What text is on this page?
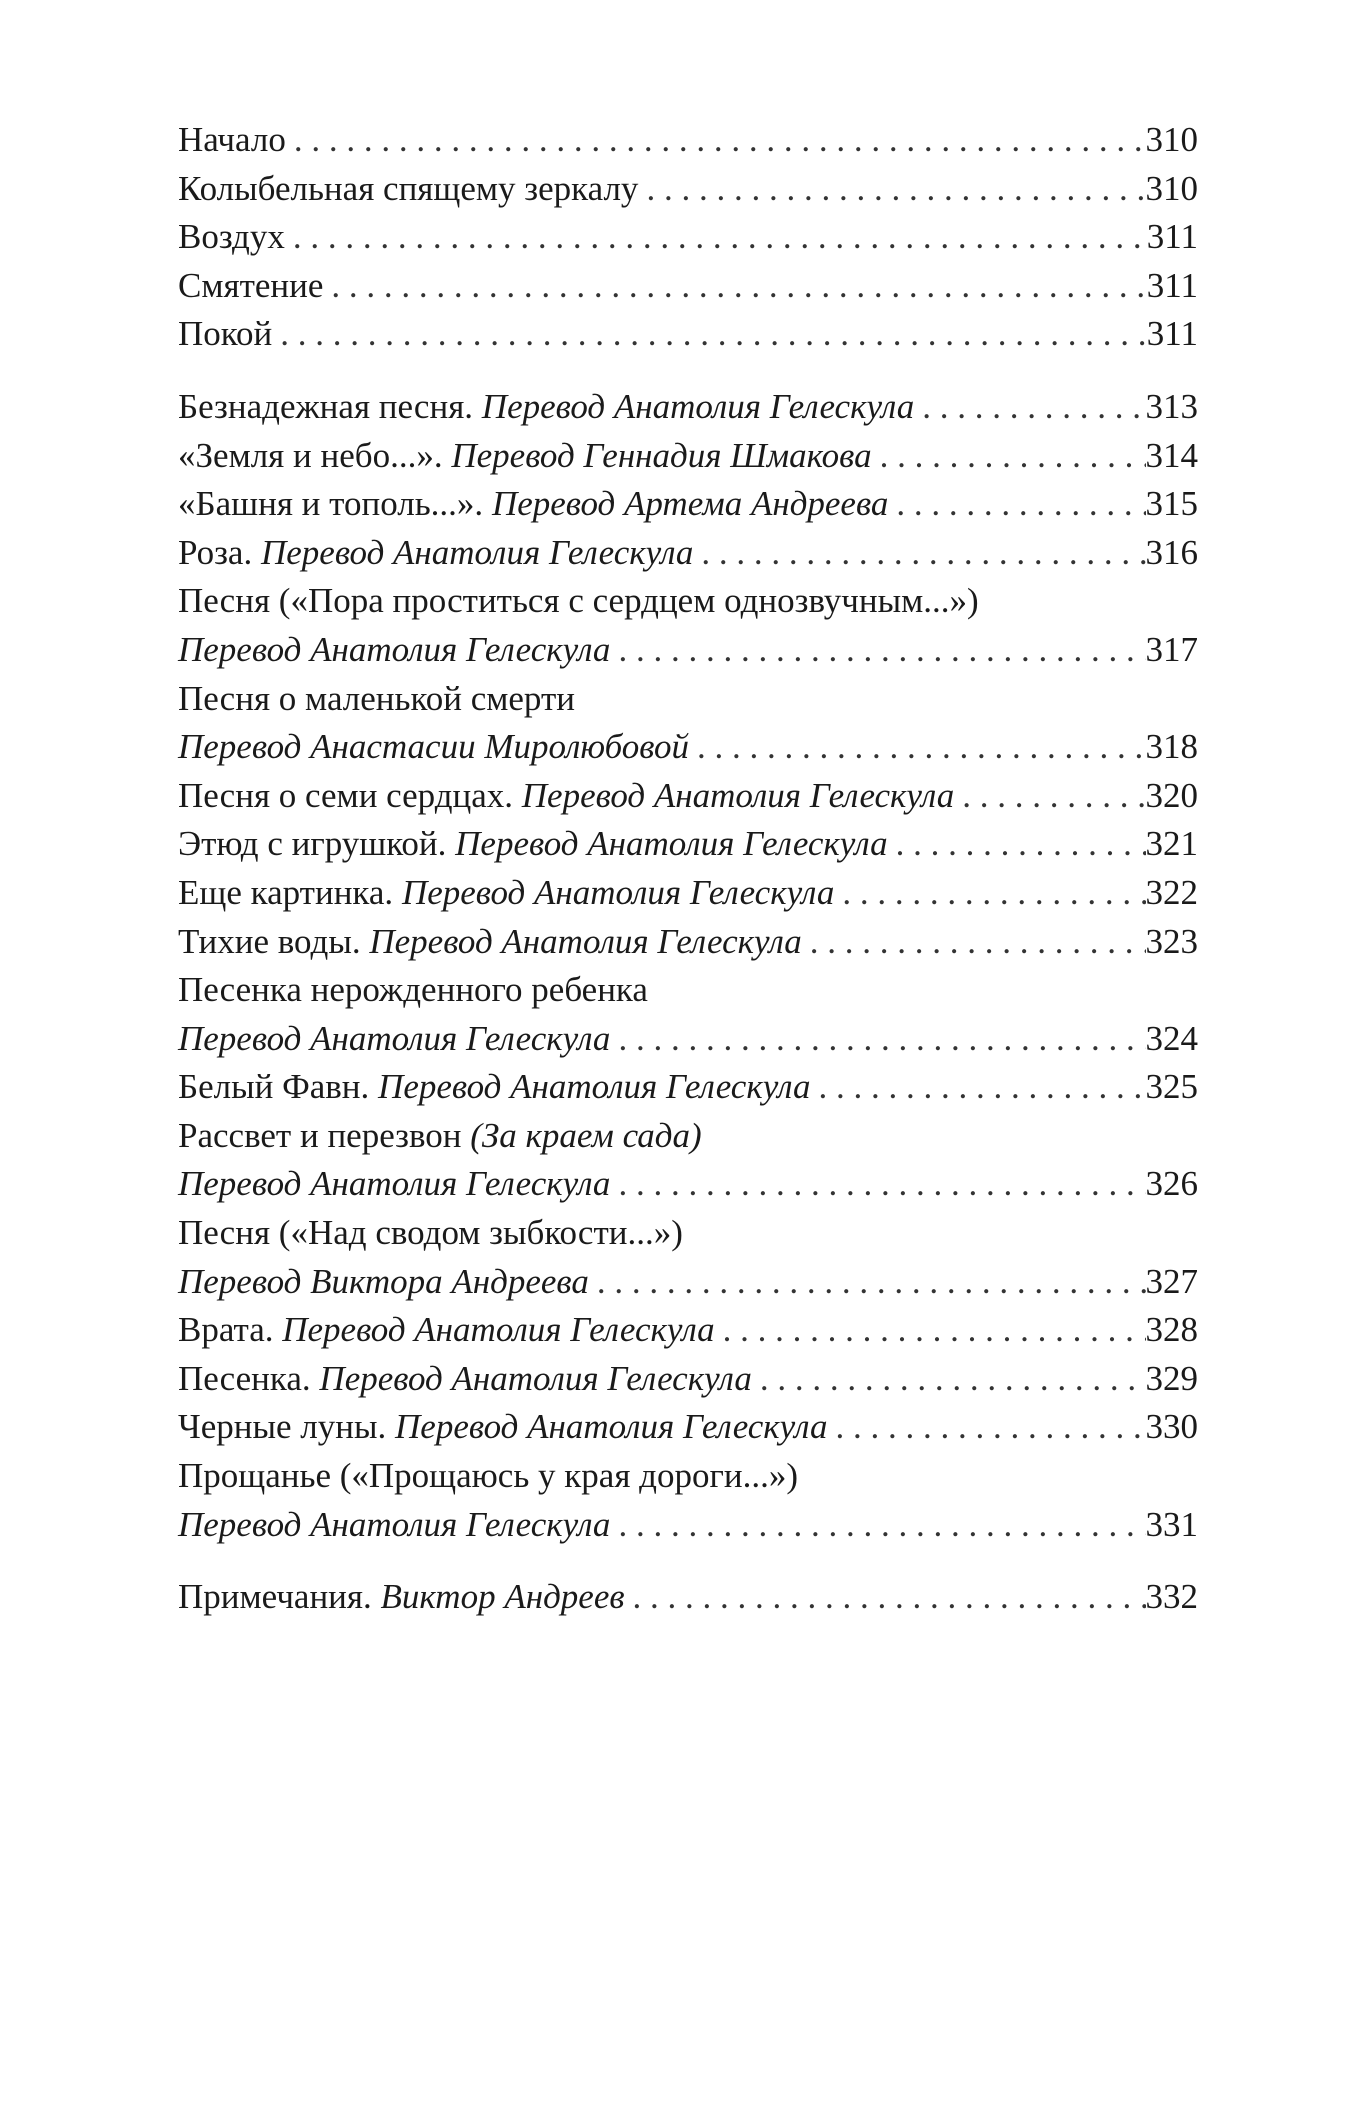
Начало . . .	310
Колыбельная спящему зеркалу . . .	310
Воздух . . .	311
Смятение . . .	311
Покой . . .	311
Безнадежная песня. Перевод Анатолия Гелескула . . .	313
«Земля и небо...». Перевод Геннадия Шмакова . . .	314
«Башня и тополь...». Перевод Артема Андреева . . .	315
Роза. Перевод Анатолия Гелескула . . .	316
Песня («Пора проститься с сердцем однозвучным...»)
Перевод Анатолия Гелескула . . .	317
Песня о маленькой смерти
Перевод Анастасии Миролюбовой . . .	318
Песня о семи сердцах. Перевод Анатолия Гелескула . . .	320
Этюд с игрушкой. Перевод Анатолия Гелескула . . .	321
Еще картинка. Перевод Анатолия Гелескула . . .	322
Тихие воды. Перевод Анатолия Гелескула . . .	323
Песенка нерожденного ребенка
Перевод Анатолия Гелескула . . .	324
Белый Фавн. Перевод Анатолия Гелескула . . .	325
Рассвет и перезвон (За краем сада)
Перевод Анатолия Гелескула . . .	326
Песня («Над сводом зыбкости...»)
Перевод Виктора Андреева . . .	327
Врата. Перевод Анатолия Гелескула . . .	328
Песенка. Перевод Анатолия Гелескула . . .	329
Черные луны. Перевод Анатолия Гелескула . . .	330
Прощанье («Прощаюсь у края дороги...»)
Перевод Анатолия Гелескула . . .	331
Примечания. Виктор Андреев . . .	332
